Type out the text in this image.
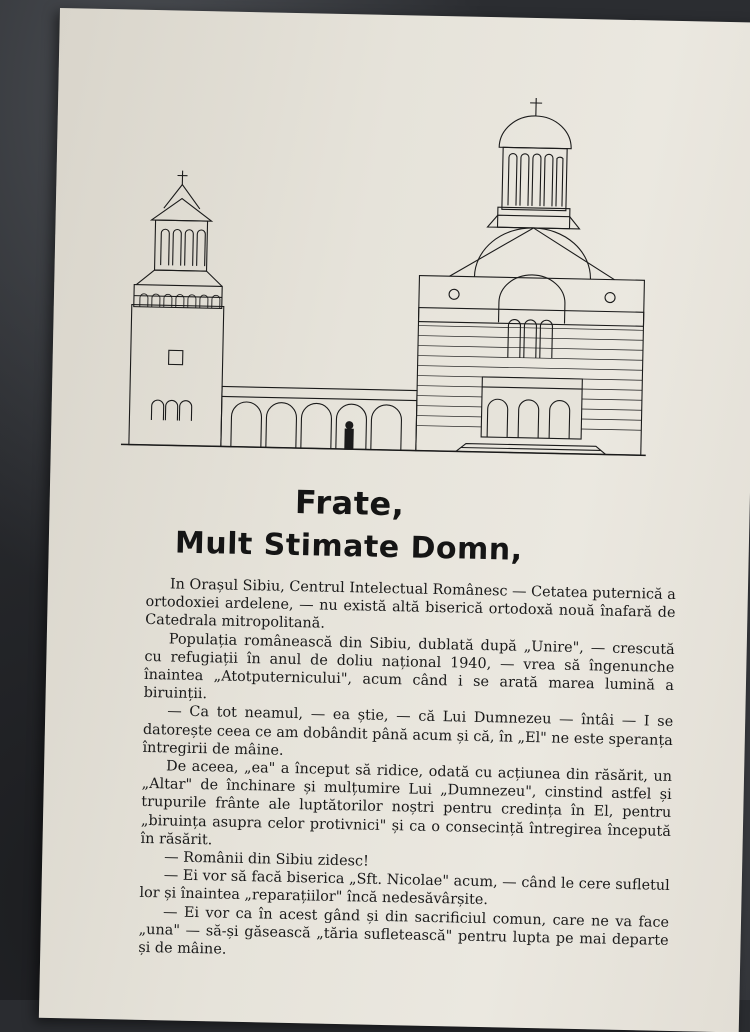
Frate,
Mult Stimate Domn,

In Orașul Sibiu, Centrul Intelectual Românesc — Cetatea puternică a ortodoxiei ardelene, — nu există altă biserică ortodoxă nouă înafară de Catedrala mitropolitană.

Populația românească din Sibiu, dublată după „Unire", — crescută cu refugiații în anul de doliu național 1940, — vrea să îngenunche înaintea „Atotputernicului", acum când i se arată marea lumină a biruinții.

— Ca tot neamul, — ea știe, — că Lui Dumnezeu — întâi — I se datorește ceea ce am dobândit până acum și că, în „El" ne este speranța întregirii de mâine.

De aceea, „ea" a început să ridice, odată cu acțiunea din răsărit, un „Altar" de închinare și mulțumire Lui „Dumnezeu", cinstind astfel și trupurile frânte ale luptătorilor noștri pentru credința în El, pentru „biruința asupra celor protivnici" și ca o consecință întregirea începută în răsărit.

— Românii din Sibiu zidesc!

— Ei vor să facă biserica „Sft. Nicolae" acum, — când le cere sufletul lor și înaintea „reparațiilor" încă nedesăvârșite.

— Ei vor ca în acest gând și din sacrificiul comun, care ne va face „una" — să-și găsească „tăria sufletească" pentru lupta pe mai departe și de mâine.
